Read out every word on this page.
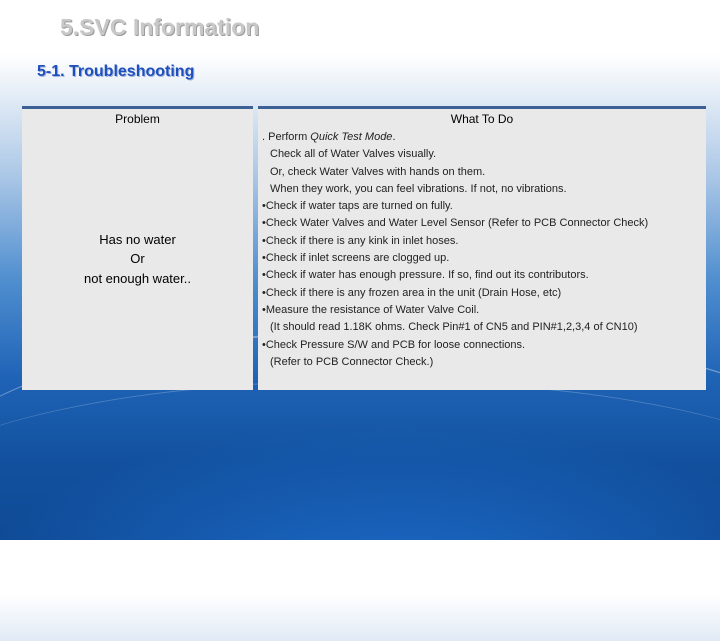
5.SVC Information
5-1. Troubleshooting
Problem	What To Do
Has no water
Or
not enough water..
. Perform Quick Test Mode.
Check all of Water Valves visually.
Or, check Water Valves with hands on them.
When they work, you can feel vibrations. If not, no vibrations.
• Check if water taps are turned on fully.
• Check Water Valves and Water Level Sensor (Refer to PCB Connector Check)
• Check if there is any kink in inlet hoses.
• Check if inlet screens are clogged up.
• Check if water has enough pressure. If so, find out its contributors.
• Check if there is any frozen area in the unit (Drain Hose, etc)
• Measure the resistance of Water Valve Coil.
(It should read 1.18K ohms. Check Pin#1 of CN5 and PIN#1,2,3,4 of CN10)
• Check Pressure S/W and PCB for loose connections.
(Refer to PCB Connector Check.)
